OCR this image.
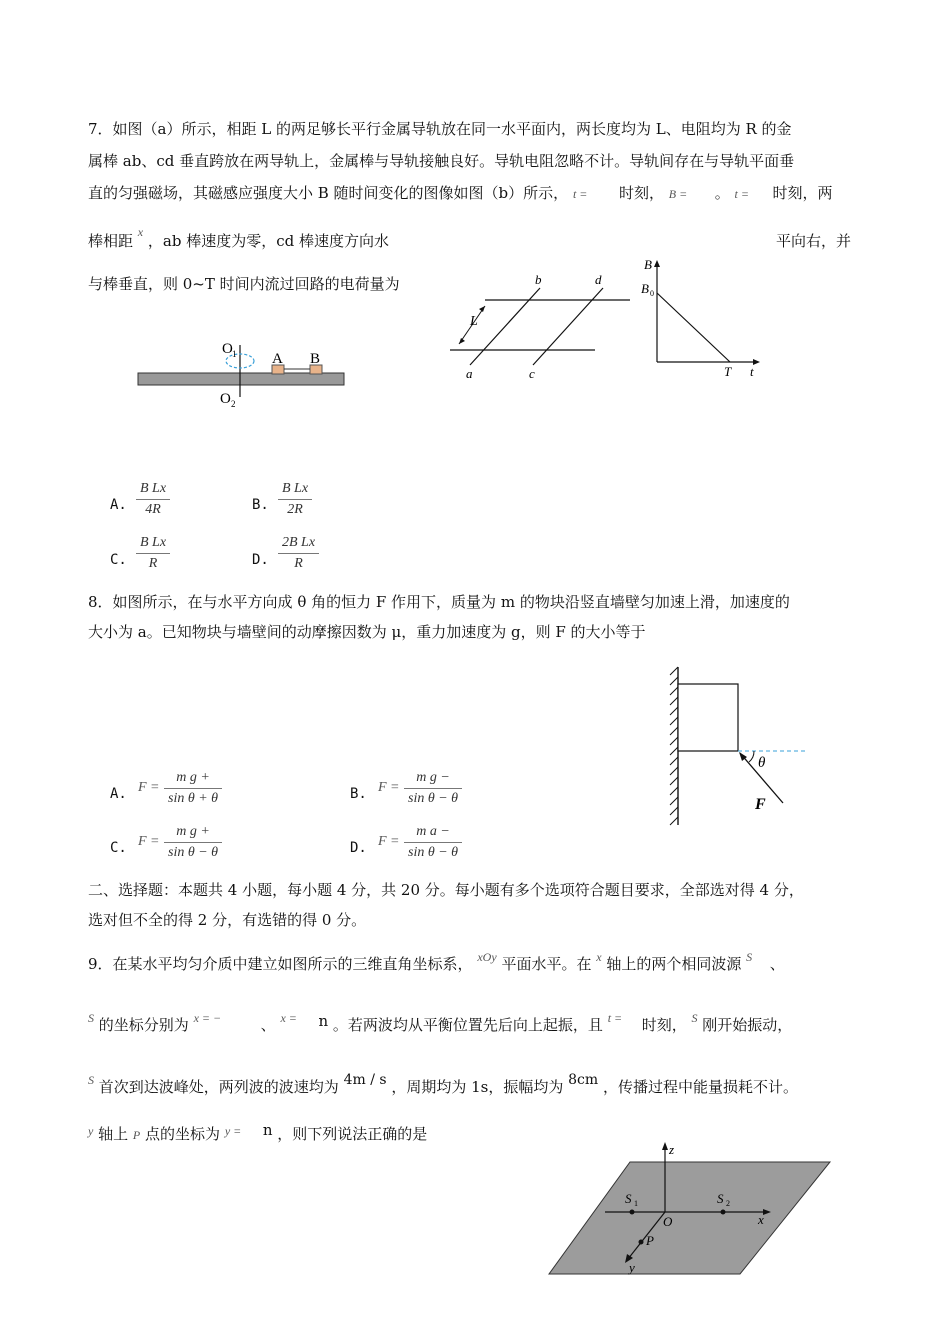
7．如图（a）所示，相距 L 的两足够长平行金属导轨放在同一水平面内，两长度均为 L、电阻均为 R 的金
属棒 ab、cd 垂直跨放在两导轨上，金属棒与导轨接触良好。导轨电阻忽略不计。导轨间存在与导轨平面垂
直的匀强磁场，其磁感应强度大小 B 随时间变化的图像如图（b）所示， t = 时刻， B = 。 t = 时刻，两
棒相距 $^x$ ，ab 棒速度为零，cd 棒速度方向水	平向右，并
与棒垂直，则 0~T 时间内流过回路的电荷量为
O 1
O 2
A B
L
b	d
a	c
B
B 0
T t
A.
B Lx
4R	B.
B Lx
2R
C.
B Lx
R	D.
2B Lx
R
8．如图所示，在与水平方向成 θ 角的恒力 F 作用下，质量为 m 的物块沿竖直墙壁匀加速上滑，加速度的
大小为 a。已知物块与墙壁间的动摩擦因数为 μ，重力加速度为 g，则 F 的大小等于
θ
F
A. F =
m g +
sin θ + θ	B. F =
m g −
sin θ − θ
C. F =
m g +
sin θ − θ	D. F =
m a −
sin θ − θ
二、选择题：本题共 4 小题，每小题 4 分，共 20 分。每小题有多个选项符合题目要求，全部选对得 4 分，
选对但不全的得 2 分，有选错的得 0 分。
9．在某水平均匀介质中建立如图所示的三维直角坐标系， $^{xOy}$ 平面水平。在 $^x$ 轴上的两个相同波源 $^S$ 、
$^S$ 的坐标分别为 $^{x = -}$	、 $^{x =}$ n 。若两波均从平衡位置先后向上起振，且 $^{t =}$ 时刻， $^S$ 刚开始振动，
$^S$ 首次到达波峰处，两列波的波速均为 4m / s ，周期均为 1s，振幅均为 8cm ，传播过程中能量损耗不计。
$^y$ 轴上 P 点的坐标为 $^{y =}$ n ，则下列说法正确的是
z
S 1	S 2
O	x
P
y
